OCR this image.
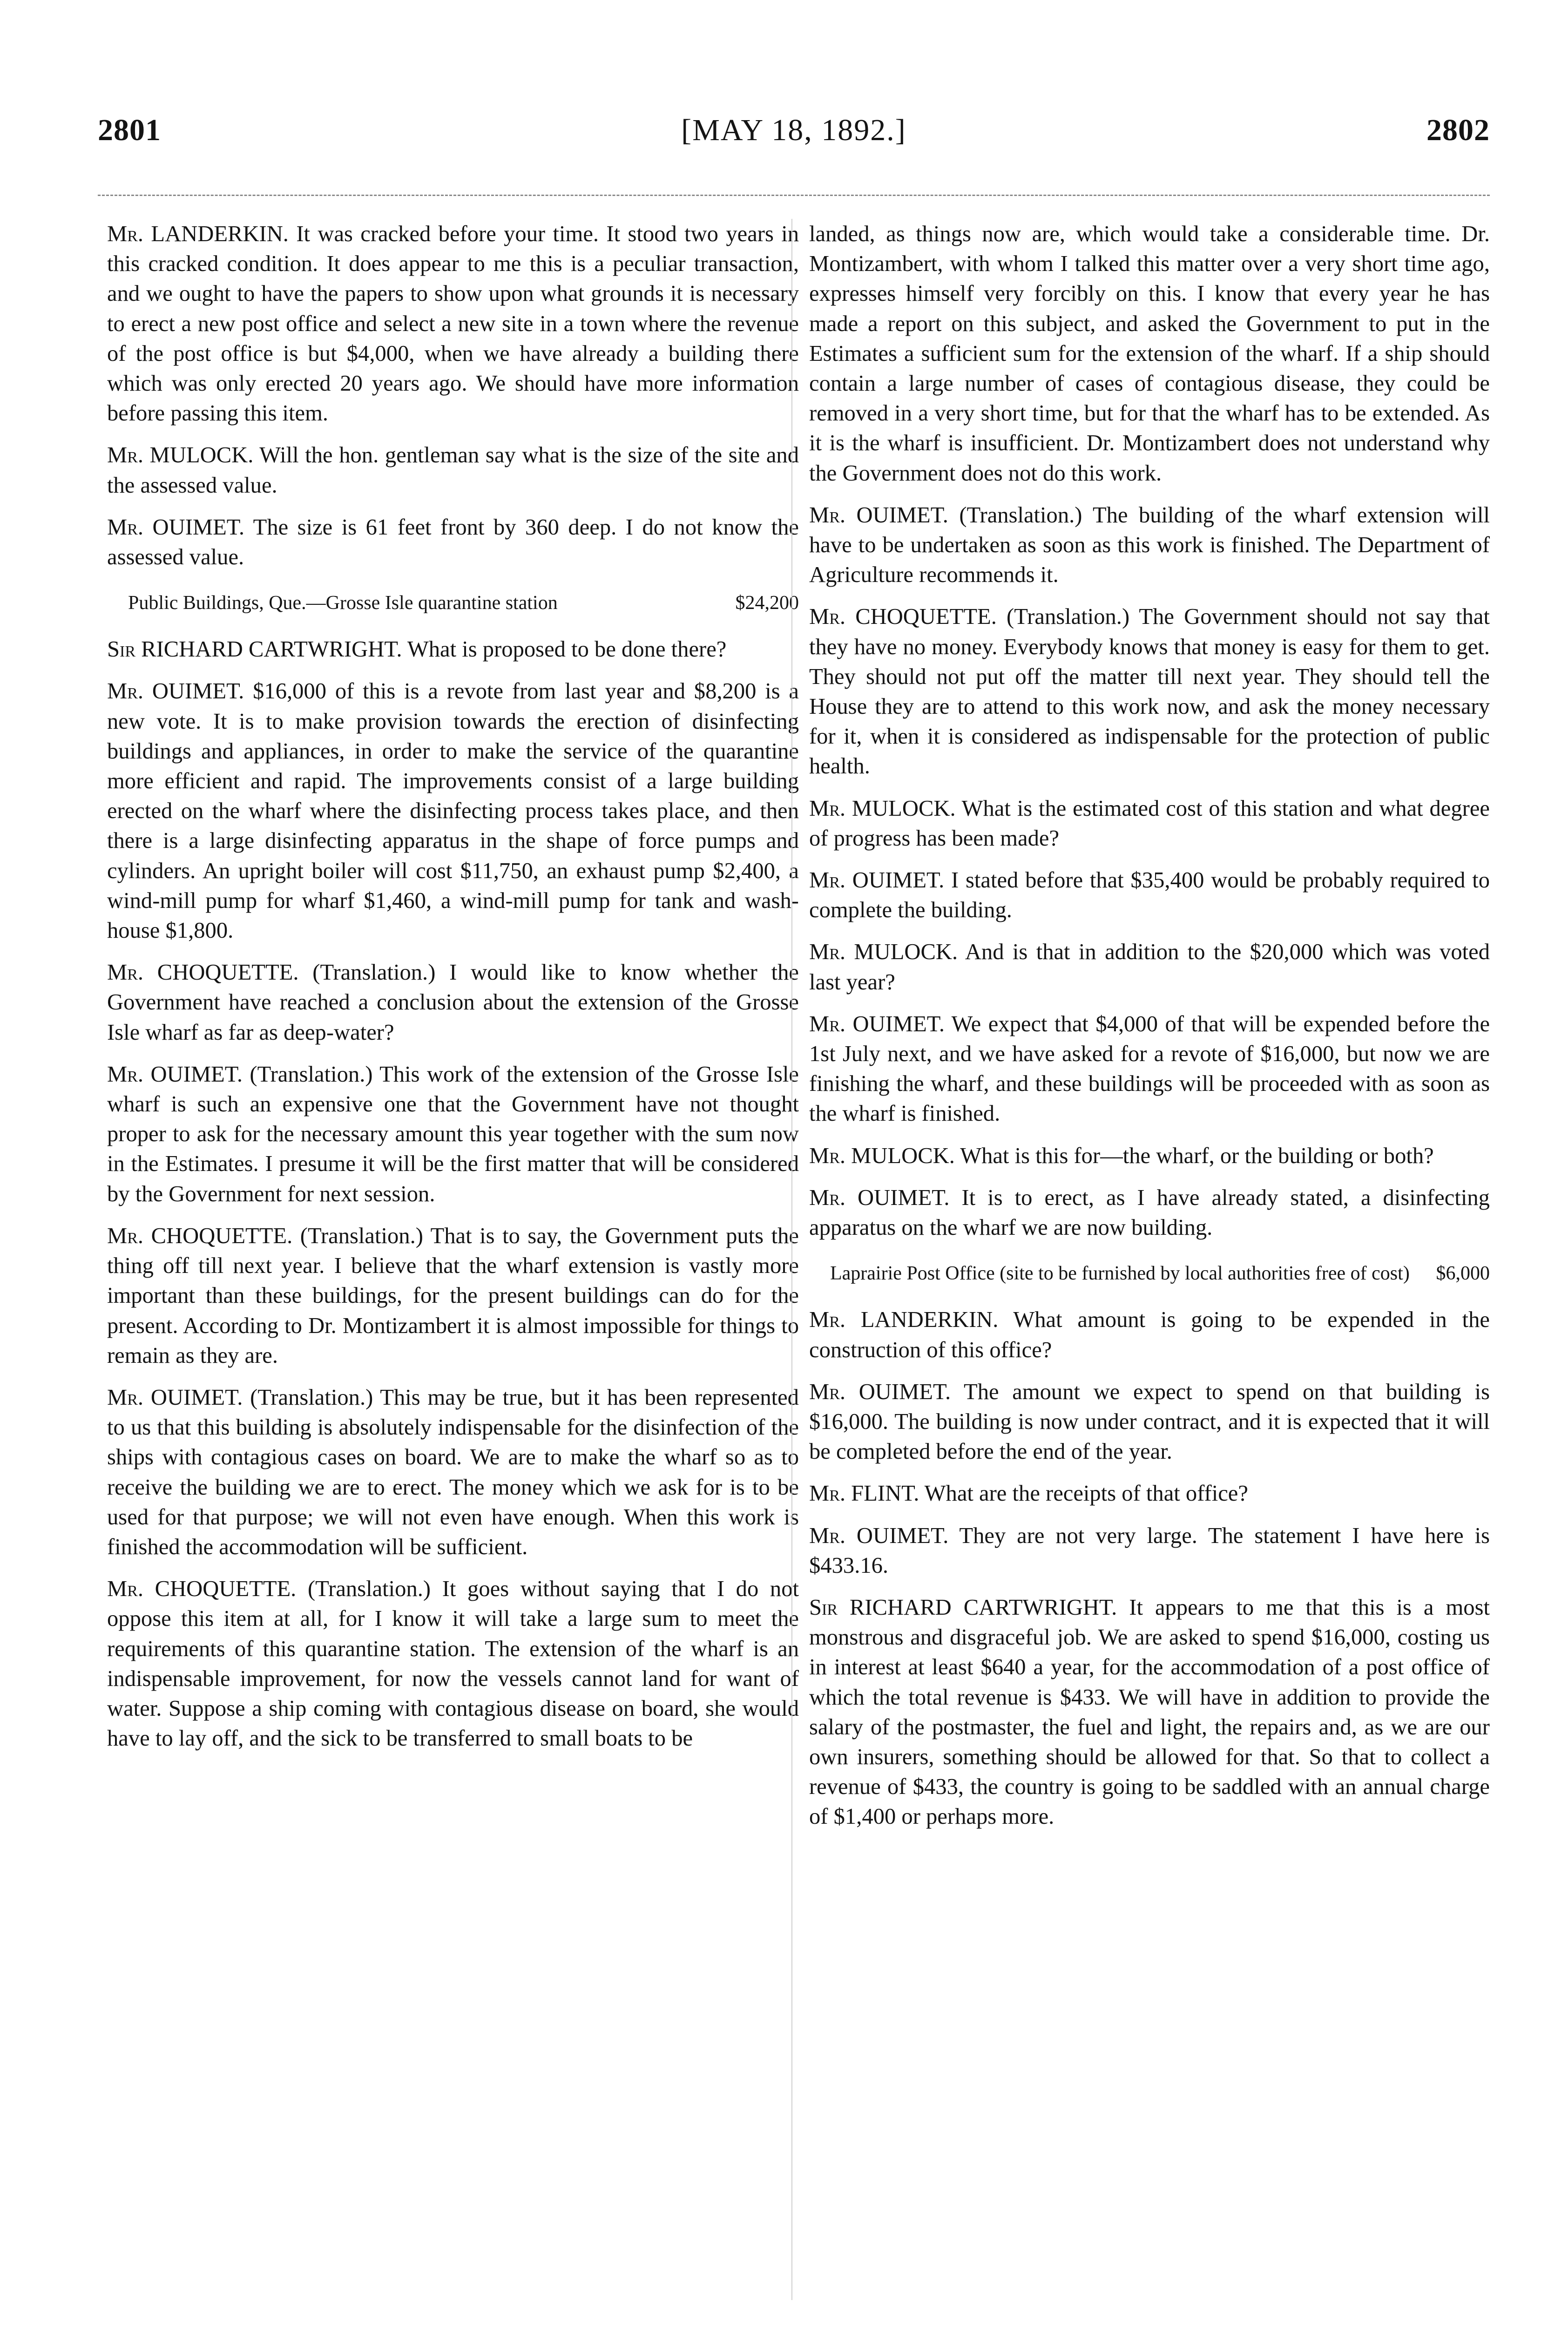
2801	[MAY 18, 1892.]	2802

Mr. LANDERKIN. It was cracked before your time. It stood two years in this cracked condition. It does appear to me this is a peculiar transaction, and we ought to have the papers to show upon what grounds it is necessary to erect a new post office and select a new site in a town where the revenue of the post office is but $4,000, when we have already a building there which was only erected 20 years ago. We should have more information before passing this item.

Mr. MULOCK. Will the hon. gentleman say what is the size of the site and the assessed value.

Mr. OUIMET. The size is 61 feet front by 360 deep. I do not know the assessed value.

Public Buildings, Que.—Grosse Isle quarantine station	$24,200

Sir RICHARD CARTWRIGHT. What is proposed to be done there?

Mr. OUIMET. $16,000 of this is a revote from last year and $8,200 is a new vote. It is to make provision towards the erection of disinfecting buildings and appliances, in order to make the service of the quarantine more efficient and rapid. The improvements consist of a large building erected on the wharf where the disinfecting process takes place, and then there is a large disinfecting apparatus in the shape of force pumps and cylinders. An upright boiler will cost $11,750, an exhaust pump $2,400, a wind-mill pump for wharf $1,460, a wind-mill pump for tank and wash-house $1,800.

Mr. CHOQUETTE. (Translation.) I would like to know whether the Government have reached a conclusion about the extension of the Grosse Isle wharf as far as deep-water?

Mr. OUIMET. (Translation.) This work of the extension of the Grosse Isle wharf is such an expensive one that the Government have not thought proper to ask for the necessary amount this year together with the sum now in the Estimates. I presume it will be the first matter that will be considered by the Government for next session.

Mr. CHOQUETTE. (Translation.) That is to say, the Government puts the thing off till next year. I believe that the wharf extension is vastly more important than these buildings, for the present buildings can do for the present. According to Dr. Montizambert it is almost impossible for things to remain as they are.

Mr. OUIMET. (Translation.) This may be true, but it has been represented to us that this building is absolutely indispensable for the disinfection of the ships with contagious cases on board. We are to make the wharf so as to receive the building we are to erect. The money which we ask for is to be used for that purpose; we will not even have enough. When this work is finished the accommodation will be sufficient.

Mr. CHOQUETTE. (Translation.) It goes without saying that I do not oppose this item at all, for I know it will take a large sum to meet the requirements of this quarantine station. The extension of the wharf is an indispensable improvement, for now the vessels cannot land for want of water. Suppose a ship coming with contagious disease on board, she would have to lay off, and the sick to be transferred to small boats to be

landed, as things now are, which would take a considerable time. Dr. Montizambert, with whom I talked this matter over a very short time ago, expresses himself very forcibly on this. I know that every year he has made a report on this subject, and asked the Government to put in the Estimates a sufficient sum for the extension of the wharf. If a ship should contain a large number of cases of contagious disease, they could be removed in a very short time, but for that the wharf has to be extended. As it is the wharf is insufficient. Dr. Montizambert does not understand why the Government does not do this work.

Mr. OUIMET. (Translation.) The building of the wharf extension will have to be undertaken as soon as this work is finished. The Department of Agriculture recommends it.

Mr. CHOQUETTE. (Translation.) The Government should not say that they have no money. Everybody knows that money is easy for them to get. They should not put off the matter till next year. They should tell the House they are to attend to this work now, and ask the money necessary for it, when it is considered as indispensable for the protection of public health.

Mr. MULOCK. What is the estimated cost of this station and what degree of progress has been made?

Mr. OUIMET. I stated before that $35,400 would be probably required to complete the building.

Mr. MULOCK. And is that in addition to the $20,000 which was voted last year?

Mr. OUIMET. We expect that $4,000 of that will be expended before the 1st July next, and we have asked for a revote of $16,000, but now we are finishing the wharf, and these buildings will be proceeded with as soon as the wharf is finished.

Mr. MULOCK. What is this for—the wharf, or the building or both?

Mr. OUIMET. It is to erect, as I have already stated, a disinfecting apparatus on the wharf we are now building.

Laprairie Post Office (site to be furnished by local authorities free of cost) $6,000

Mr. LANDERKIN. What amount is going to be expended in the construction of this office?

Mr. OUIMET. The amount we expect to spend on that building is $16,000. The building is now under contract, and it is expected that it will be completed before the end of the year.

Mr. FLINT. What are the receipts of that office?

Mr. OUIMET. They are not very large. The statement I have here is $433.16.

Sir RICHARD CARTWRIGHT. It appears to me that this is a most monstrous and disgraceful job. We are asked to spend $16,000, costing us in interest at least $640 a year, for the accommodation of a post office of which the total revenue is $433. We will have in addition to provide the salary of the postmaster, the fuel and light, the repairs and, as we are our own insurers, something should be allowed for that. So that to collect a revenue of $433, the country is going to be saddled with an annual charge of $1,400 or perhaps more.
